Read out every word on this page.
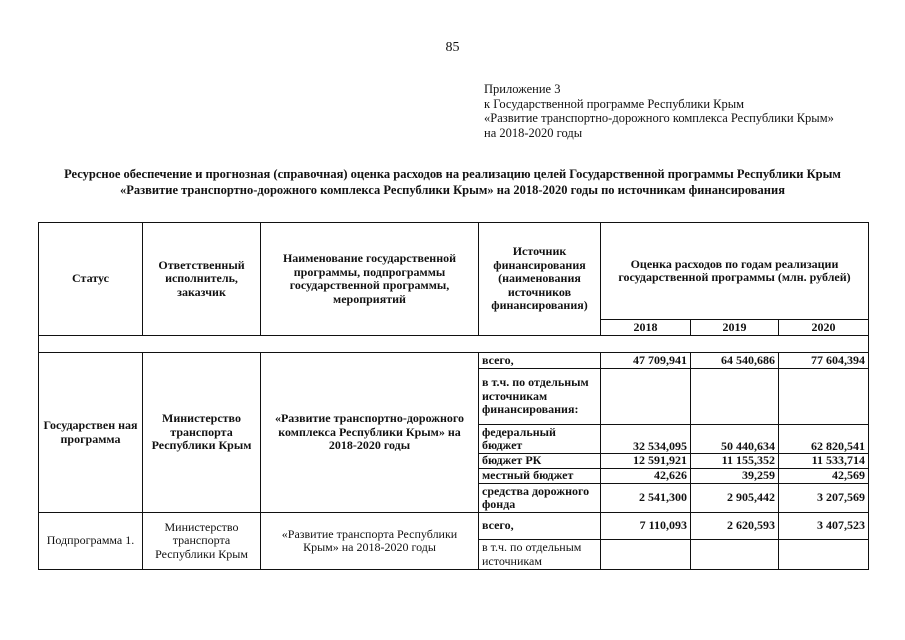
85
Приложение 3
к Государственной программе Республики Крым
«Развитие транспортно-дорожного комплекса Республики Крым»
на 2018-2020 годы
Ресурсное обеспечение и прогнозная (справочная) оценка расходов на реализацию целей Государственной программы Республики Крым
«Развитие транспортно-дорожного комплекса Республики Крым» на 2018-2020 годы по источникам финансирования
Статус	Ответственный исполнитель, заказчик	Наименование государственной программы, подпрограммы государственной программы, мероприятий	Источник финансирования (наименования источников финансирования)	Оценка расходов по годам реализации государственной программы (млн. рублей)		
				2018	2019	2020

Государствен ная программа	Министерство транспорта Республики Крым	«Развитие транспортно-дорожного комплекса Республики Крым» на 2018-2020 годы	всего,	47 709,941	64 540,686	77 604,394
			в т.ч. по отдельным источникам финансирования:			
			федеральный бюджет	32 534,095	50 440,634	62 820,541
			бюджет РК	12 591,921	11 155,352	11 533,714
			местный бюджет	42,626	39,259	42,569
			средства дорожного фонда	2 541,300	2 905,442	3 207,569
Подпрограмма 1.	Министерство транспорта Республики Крым	«Развитие транспорта Республики Крым» на 2018-2020 годы	всего,	7 110,093	2 620,593	3 407,523
			в т.ч. по отдельным источникам			
